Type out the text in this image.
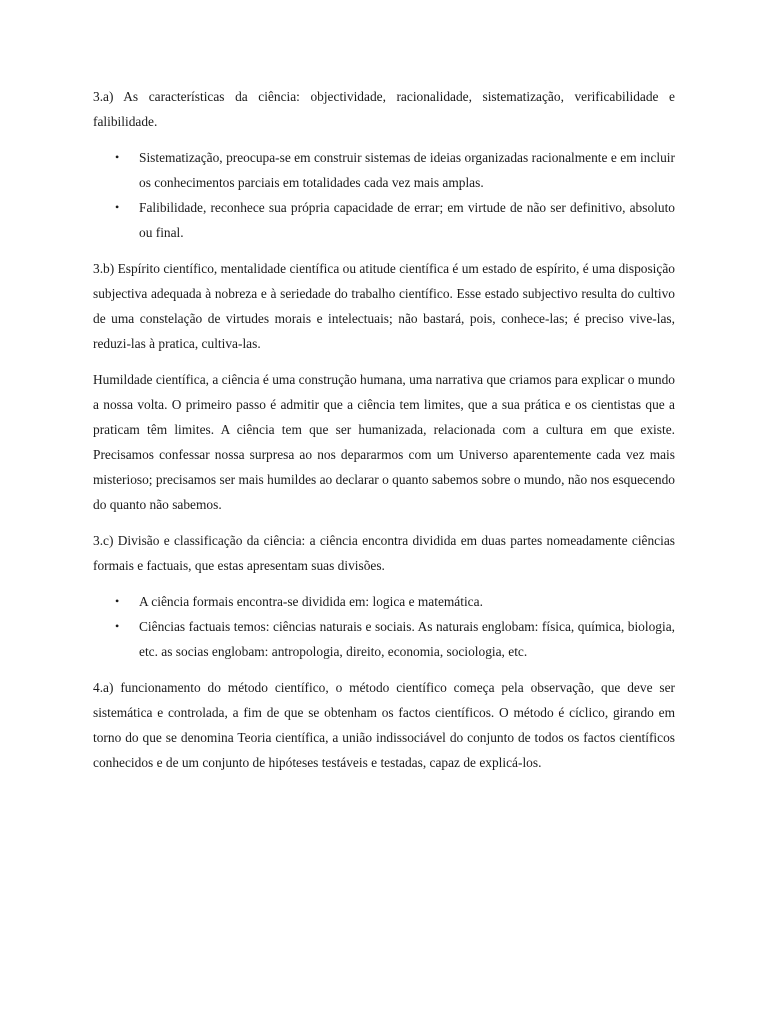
3.a) As características da ciência: objectividade, racionalidade, sistematização, verificabilidade e falibilidade.

• Sistematização, preocupa-se em construir sistemas de ideias organizadas racionalmente e em incluir os conhecimentos parciais em totalidades cada vez mais amplas.
• Falibilidade, reconhece sua própria capacidade de errar; em virtude de não ser definitivo, absoluto ou final.

3.b) Espírito científico, mentalidade científica ou atitude científica é um estado de espírito, é uma disposição subjectiva adequada à nobreza e à seriedade do trabalho científico. Esse estado subjectivo resulta do cultivo de uma constelação de virtudes morais e intelectuais; não bastará, pois, conhece-las; é preciso vive-las, reduzi-las à pratica, cultiva-las.

Humildade científica, a ciência é uma construção humana, uma narrativa que criamos para explicar o mundo a nossa volta. O primeiro passo é admitir que a ciência tem limites, que a sua prática e os cientistas que a praticam têm limites. A ciência tem que ser humanizada, relacionada com a cultura em que existe. Precisamos confessar nossa surpresa ao nos depararmos com um Universo aparentemente cada vez mais misterioso; precisamos ser mais humildes ao declarar o quanto sabemos sobre o mundo, não nos esquecendo do quanto não sabemos.

3.c) Divisão e classificação da ciência: a ciência encontra dividida em duas partes nomeadamente ciências formais e factuais, que estas apresentam suas divisões.

• A ciência formais encontra-se dividida em: logica e matemática.
• Ciências factuais temos: ciências naturais e sociais. As naturais englobam: física, química, biologia, etc. as socias englobam: antropologia, direito, economia, sociologia, etc.

4.a) funcionamento do método científico, o método científico começa pela observação, que deve ser sistemática e controlada, a fim de que se obtenham os factos científicos. O método é cíclico, girando em torno do que se denomina Teoria científica, a união indissociável do conjunto de todos os factos científicos conhecidos e de um conjunto de hipóteses testáveis e testadas, capaz de explicá-los.
